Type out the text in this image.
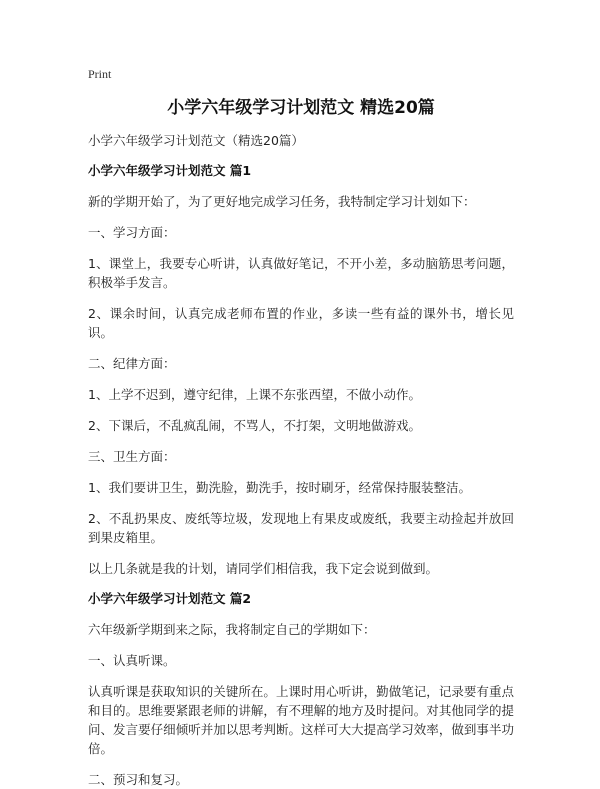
Print
小学六年级学习计划范文 精选20篇
小学六年级学习计划范文（精选20篇）
小学六年级学习计划范文 篇1

新的学期开始了，为了更好地完成学习任务，我特制定学习计划如下：

一、学习方面：

1、课堂上，我要专心听讲，认真做好笔记，不开小差，多动脑筋思考问题，积极举手发言。

2、课余时间，认真完成老师布置的作业，多读一些有益的课外书，增长见识。

二、纪律方面：

1、上学不迟到，遵守纪律，上课不东张西望，不做小动作。

2、下课后，不乱疯乱闹，不骂人，不打架，文明地做游戏。

三、卫生方面：

1、我们要讲卫生，勤洗脸，勤洗手，按时刷牙，经常保持服装整洁。

2、不乱扔果皮、废纸等垃圾，发现地上有果皮或废纸，我要主动捡起并放回到果皮箱里。

以上几条就是我的计划，请同学们相信我，我下定会说到做到。

小学六年级学习计划范文 篇2

六年级新学期到来之际，我将制定自己的学期如下：

一、认真听课。

认真听课是获取知识的关键所在。上课时用心听讲，勤做笔记，记录要有重点和目的。思维要紧跟老师的讲解，有不理解的地方及时提问。对其他同学的提问、发言要仔细倾听并加以思考判断。这样可大大提高学习效率，做到事半功倍。

二、预习和复习。
